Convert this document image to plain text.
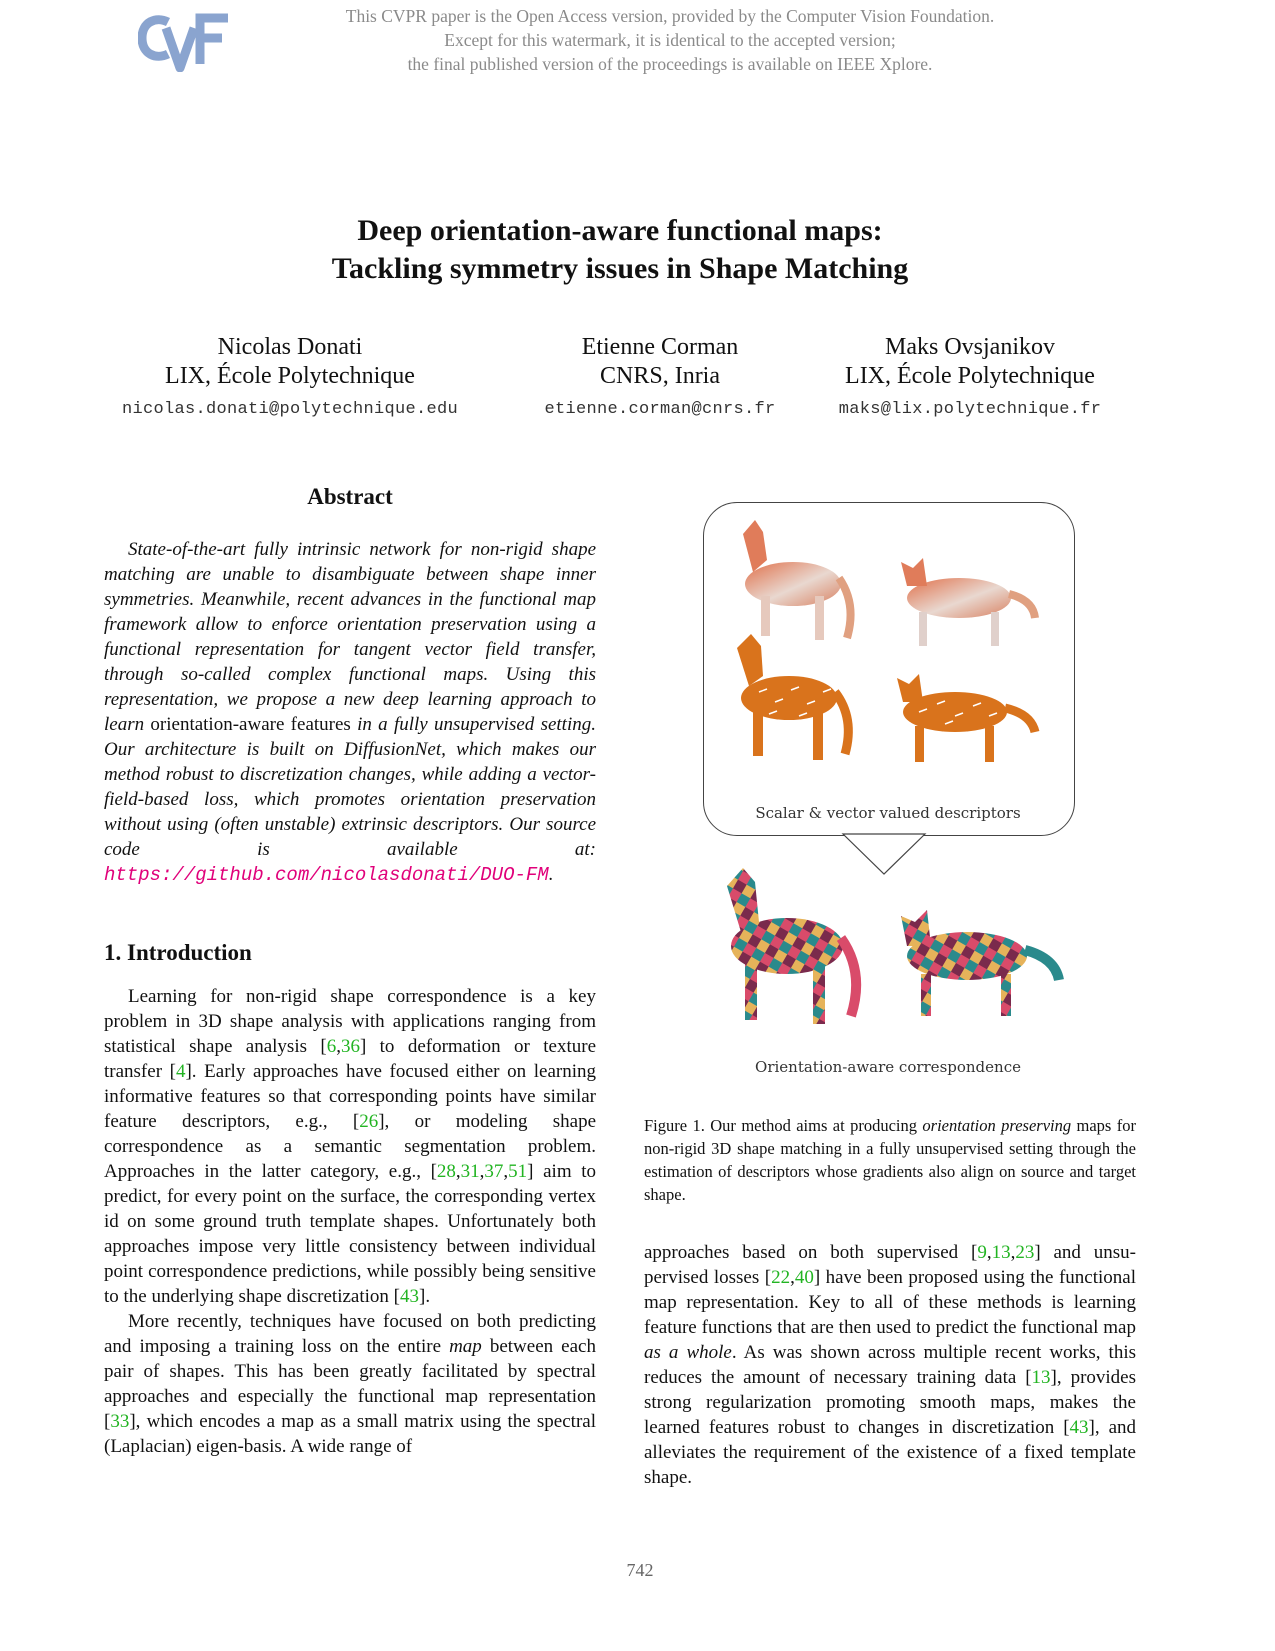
This CVPR paper is the Open Access version, provided by the Computer Vision Foundation.
Except for this watermark, it is identical to the accepted version;
the final published version of the proceedings is available on IEEE Xplore.
Deep orientation-aware functional maps:
Tackling symmetry issues in Shape Matching
Nicolas Donati
LIX, École Polytechnique
nicolas.donati@polytechnique.edu
Etienne Corman
CNRS, Inria
etienne.corman@cnrs.fr
Maks Ovsjanikov
LIX, École Polytechnique
maks@lix.polytechnique.fr
Abstract

State-of-the-art fully intrinsic network for non-rigid shape matching are unable to disambiguate between shape inner symmetries. Meanwhile, recent advances in the functional map framework allow to enforce orientation preservation using a functional representation for tangent vector field transfer, through so-called complex functional maps. Using this representation, we propose a new deep learning approach to learn orientation-aware features in a fully unsupervised setting. Our architecture is built on DiffusionNet, which makes our method robust to discretization changes, while adding a vector-field-based loss, which promotes orientation preservation without using (often unstable) extrinsic descriptors. Our source code is available at: https://github.com/nicolasdonati/DUO-FM.

1. Introduction

Learning for non-rigid shape correspondence is a key problem in 3D shape analysis with applications ranging from statistical shape analysis [6,36] to deformation or texture transfer [4]. Early approaches have focused either on learning informative features so that corresponding points have similar feature descriptors, e.g., [26], or modeling shape correspondence as a semantic segmentation problem. Approaches in the latter category, e.g., [28,31,37,51] aim to predict, for every point on the surface, the corresponding vertex id on some ground truth template shapes. Unfortunately both approaches impose very little consistency between individual point correspondence predictions, while possibly being sensitive to the underlying shape discretization [43].

More recently, techniques have focused on both predicting and imposing a training loss on the entire map between each pair of shapes. This has been greatly facilitated by spectral approaches and especially the functional map representation [33], which encodes a map as a small matrix using the spectral (Laplacian) eigen-basis. A wide range of

Scalar & vector valued descriptors
Orientation-aware correspondence
Figure 1. Our method aims at producing orientation preserving maps for non-rigid 3D shape matching in a fully unsupervised setting through the estimation of descriptors whose gradients also align on source and target shape.

approaches based on both supervised [9,13,23] and unsupervised losses [22,40] have been proposed using the functional map representation. Key to all of these methods is learning feature functions that are then used to predict the functional map as a whole. As was shown across multiple recent works, this reduces the amount of necessary training data [13], provides strong regularization promoting smooth maps, makes the learned features robust to changes in discretization [43], and alleviates the requirement of the existence of a fixed template shape.

742
